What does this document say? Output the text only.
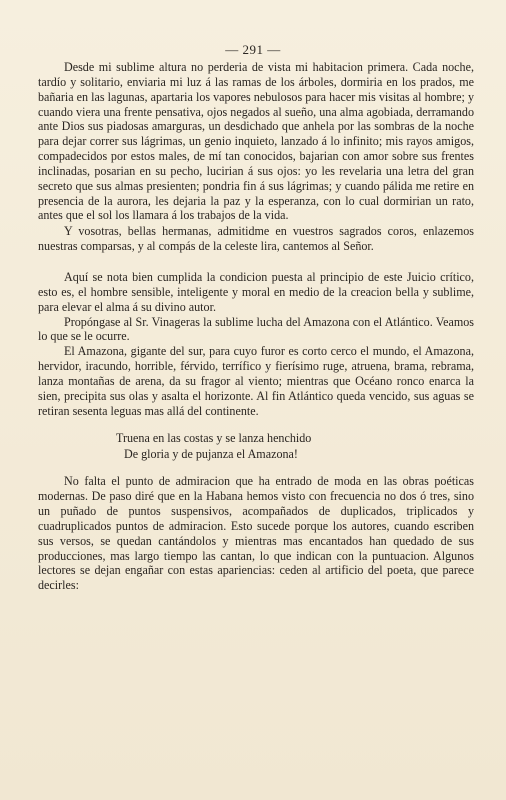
— 291 —

Desde mi sublime altura no perderia de vista mi habitacion primera. Cada noche, tardío y solitario, enviaria mi luz á las ramas de los árboles, dormiria en los prados, me bañaria en las lagunas, apartaria los vapores nebulosos para hacer mis visitas al hombre; y cuando viera una frente pensativa, ojos negados al sueño, una alma agobiada, derramando ante Dios sus piadosas amarguras, un desdichado que anhela por las sombras de la noche para dejar correr sus lágrimas, un genio inquieto, lanzado á lo infinito; mis rayos amigos, compadecidos por estos males, de mí tan conocidos, bajarian con amor sobre sus frentes inclinadas, posarian en su pecho, lucirian á sus ojos: yo les revelaria una letra del gran secreto que sus almas presienten; pondria fin á sus lágrimas; y cuando pálida me retire en presencia de la aurora, les dejaria la paz y la esperanza, con lo cual dormirian un rato, antes que el sol los llamara á los trabajos de la vida.

Y vosotras, bellas hermanas, admitidme en vuestros sagrados coros, enlazemos nuestras comparsas, y al compás de la celeste lira, cantemos al Señor.

Aquí se nota bien cumplida la condicion puesta al principio de este Juicio crítico, esto es, el hombre sensible, inteligente y moral en medio de la creacion bella y sublime, para elevar el alma á su divino autor.

Propóngase al Sr. Vinageras la sublime lucha del Amazona con el Atlántico. Veamos lo que se le ocurre.

El Amazona, gigante del sur, para cuyo furor es corto cerco el mundo, el Amazona, hervidor, iracundo, horrible, férvido, terrífico y fierísimo ruge, atruena, brama, rebrama, lanza montañas de arena, da su fragor al viento; mientras que Océano ronco enarca la sien, precipita sus olas y asalta el horizonte. Al fin Atlántico queda vencido, sus aguas se retiran sesenta leguas mas allá del continente.

Truena en las costas y se lanza henchido
De gloria y de pujanza el Amazona!

No falta el punto de admiracion que ha entrado de moda en las obras poéticas modernas. De paso diré que en la Habana hemos visto con frecuencia no dos ó tres, sino un puñado de puntos suspensivos, acompañados de duplicados, triplicados y cuadruplicados puntos de admiracion. Esto sucede porque los autores, cuando escriben sus versos, se quedan cantándolos y mientras mas encantados han quedado de sus producciones, mas largo tiempo las cantan, lo que indican con la puntuacion. Algunos lectores se dejan engañar con estas apariencias: ceden al artificio del poeta, que parece decirles:
